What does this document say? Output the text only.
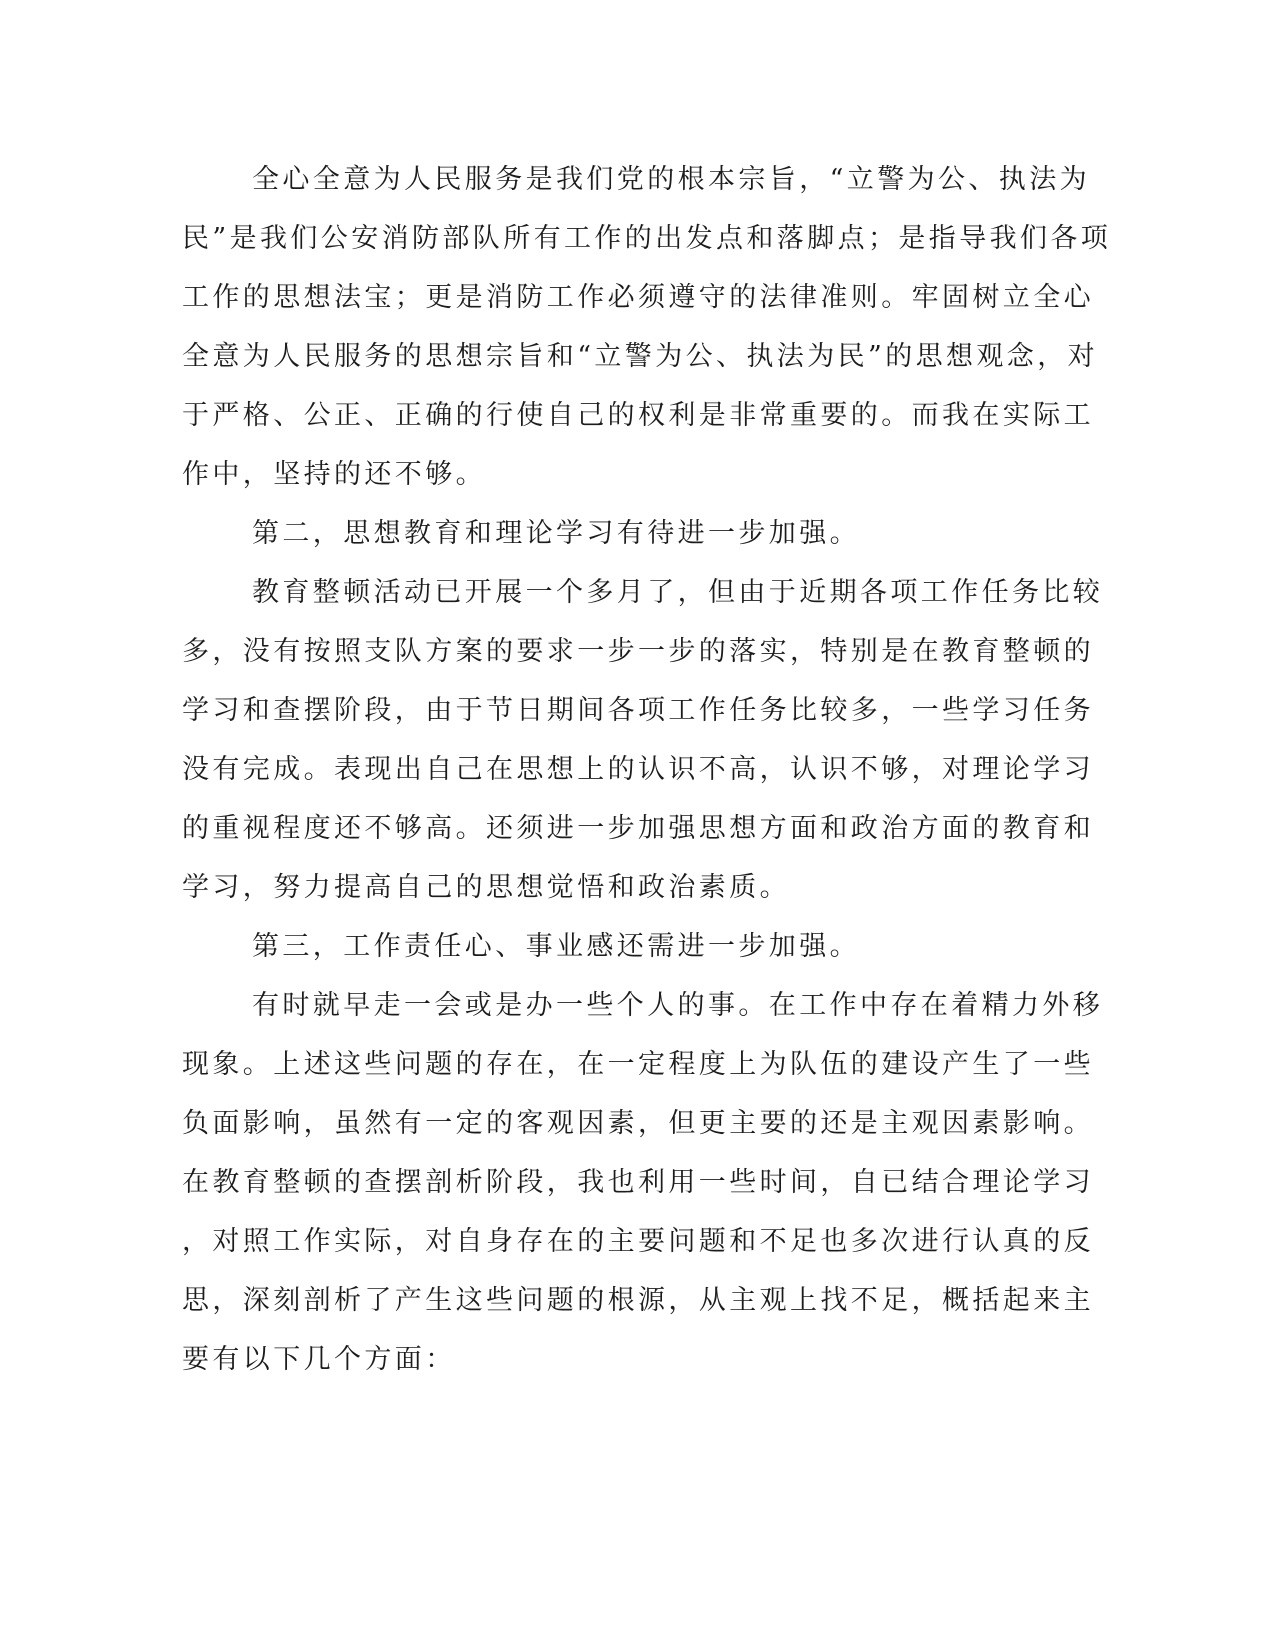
全心全意为人民服务是我们党的根本宗旨，“立警为公、执法为
民”是我们公安消防部队所有工作的出发点和落脚点；是指导我们各项
工作的思想法宝；更是消防工作必须遵守的法律准则。牢固树立全心
全意为人民服务的思想宗旨和“立警为公、执法为民”的思想观念，对
于严格、公正、正确的行使自己的权利是非常重要的。而我在实际工
作中，坚持的还不够。
第二，思想教育和理论学习有待进一步加强。
教育整顿活动已开展一个多月了，但由于近期各项工作任务比较
多，没有按照支队方案的要求一步一步的落实，特别是在教育整顿的
学习和查摆阶段，由于节日期间各项工作任务比较多，一些学习任务
没有完成。表现出自己在思想上的认识不高，认识不够，对理论学习
的重视程度还不够高。还须进一步加强思想方面和政治方面的教育和
学习，努力提高自己的思想觉悟和政治素质。
第三，工作责任心、事业感还需进一步加强。
有时就早走一会或是办一些个人的事。在工作中存在着精力外移
现象。上述这些问题的存在，在一定程度上为队伍的建设产生了一些
负面影响，虽然有一定的客观因素，但更主要的还是主观因素影响。
在教育整顿的查摆剖析阶段，我也利用一些时间，自已结合理论学习
，对照工作实际，对自身存在的主要问题和不足也多次进行认真的反
思，深刻剖析了产生这些问题的根源，从主观上找不足，概括起来主
要有以下几个方面：
